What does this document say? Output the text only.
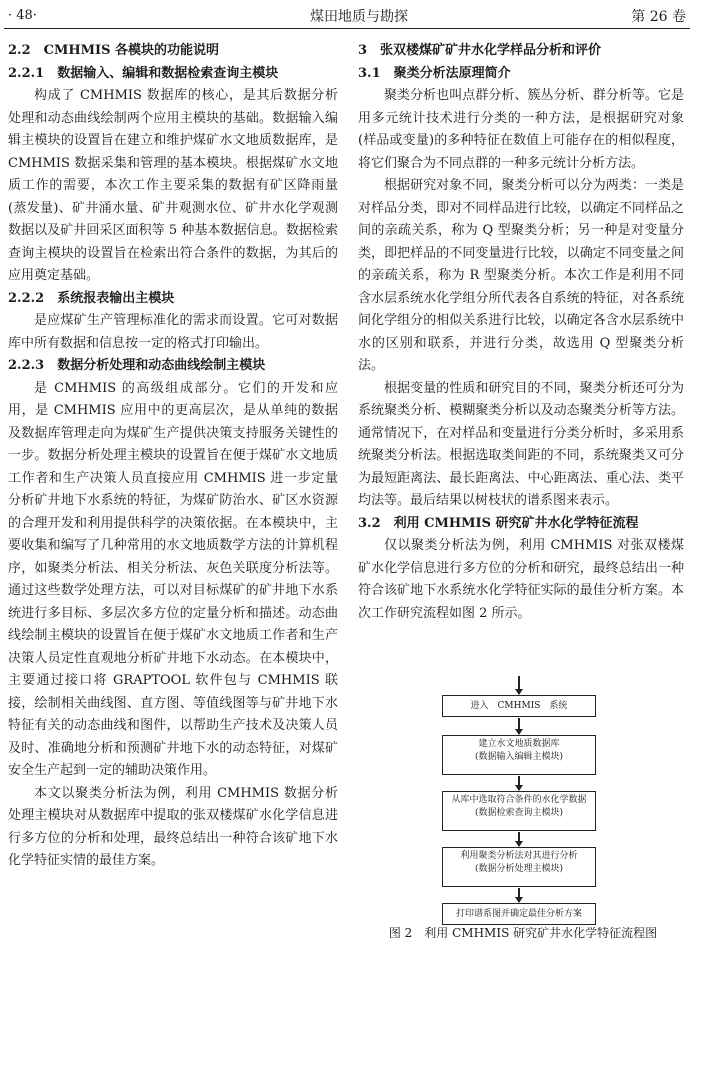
· 48·	煤田地质与勘探	第 26 卷

2.2　CMHMIS 各模块的功能说明

2.2.1　数据输入、编辑和数据检索查询主模块

构成了 CMHMIS 数据库的核心，是其后数据分析处理和动态曲线绘制两个应用主模块的基础。数据输入编辑主模块的设置旨在建立和维护煤矿水文地质数据库，是 CMHMIS 数据采集和管理的基本模块。根据煤矿水文地质工作的需要，本次工作主要采集的数据有矿区降雨量(蒸发量)、矿井涌水量、矿井观测水位、矿井水化学观测数据以及矿井回采区面积等 5 种基本数据信息。数据检索查询主模块的设置旨在检索出符合条件的数据，为其后的应用奠定基础。

2.2.2　系统报表输出主模块

是应煤矿生产管理标准化的需求而设置。它可对数据库中所有数据和信息按一定的格式打印输出。

2.2.3　数据分析处理和动态曲线绘制主模块

是 CMHMIS 的高级组成部分。它们的开发和应用，是 CMHMIS 应用中的更高层次，是从单纯的数据及数据库管理走向为煤矿生产提供决策支持服务关键性的一步。数据分析处理主模块的设置旨在便于煤矿水文地质工作者和生产决策人员直接应用 CMHMIS 进一步定量分析矿井地下水系统的特征，为煤矿防治水、矿区水资源的合理开发和利用提供科学的决策依据。在本模块中，主要收集和编写了几种常用的水文地质数学方法的计算机程序，如聚类分析法、相关分析法、灰色关联度分析法等。通过这些数学处理方法，可以对目标煤矿的矿井地下水系统进行多目标、多层次多方位的定量分析和描述。动态曲线绘制主模块的设置旨在便于煤矿水文地质工作者和生产决策人员定性直观地分析矿井地下水动态。在本模块中，主要通过接口将 GRAPTOOL 软件包与 CMHMIS 联接，绘制相关曲线图、直方图、等值线图等与矿井地下水特征有关的动态曲线和图件，以帮助生产技术及决策人员及时、准确地分析和预测矿井地下水的动态特征，对煤矿安全生产起到一定的辅助决策作用。

本文以聚类分析法为例，利用 CMHMIS 数据分析处理主模块对从数据库中提取的张双楼煤矿水化学信息进行多方位的分析和处理，最终总结出一种符合该矿地下水化学特征实情的最佳方案。

3　张双楼煤矿矿井水化学样品分析和评价

3.1　聚类分析法原理简介

聚类分析也叫点群分析、簇丛分析、群分析等。它是用多元统计技术进行分类的一种方法，是根据研究对象(样品或变量)的多种特征在数值上可能存在的相似程度，将它们聚合为不同点群的一种多元统计分析方法。

根据研究对象不同，聚类分析可以分为两类：一类是对样品分类，即对不同样品进行比较，以确定不同样品之间的亲疏关系，称为 Q 型聚类分析；另一种是对变量分类，即把样品的不同变量进行比较，以确定不同变量之间的亲疏关系，称为 R 型聚类分析。本次工作是利用不同含水层系统水化学组分所代表各自系统的特征，对各系统间化学组分的相似关系进行比较，以确定各含水层系统中水的区别和联系，并进行分类，故选用 Q 型聚类分析法。

根据变量的性质和研究目的不同，聚类分析还可分为系统聚类分析、模糊聚类分析以及动态聚类分析等方法。通常情况下，在对样品和变量进行分类分析时，多采用系统聚类分析法。根据选取类间距的不同，系统聚类又可分为最短距离法、最长距离法、中心距离法、重心法、类平均法等。最后结果以树枝状的谱系图来表示。

3.2　利用 CMHMIS 研究矿井水化学特征流程

仅以聚类分析法为例，利用 CMHMIS 对张双楼煤矿水化学信息进行多方位的分析和研究，最终总结出一种符合该矿地下水系统水化学特征实际的最佳分析方案。本次工作研究流程如图 2 所示。

进入　CMHMIS　系统
建立水文地质数据库
(数据输入编辑主模块)
从库中选取符合条件的水化学数据
(数据检索查询主模块)
利用聚类分析法对其进行分析
(数据分析处理主模块)
打印谱系图并确定最佳分析方案
图 2　利用 CMHMIS 研究矿井水化学特征流程图
